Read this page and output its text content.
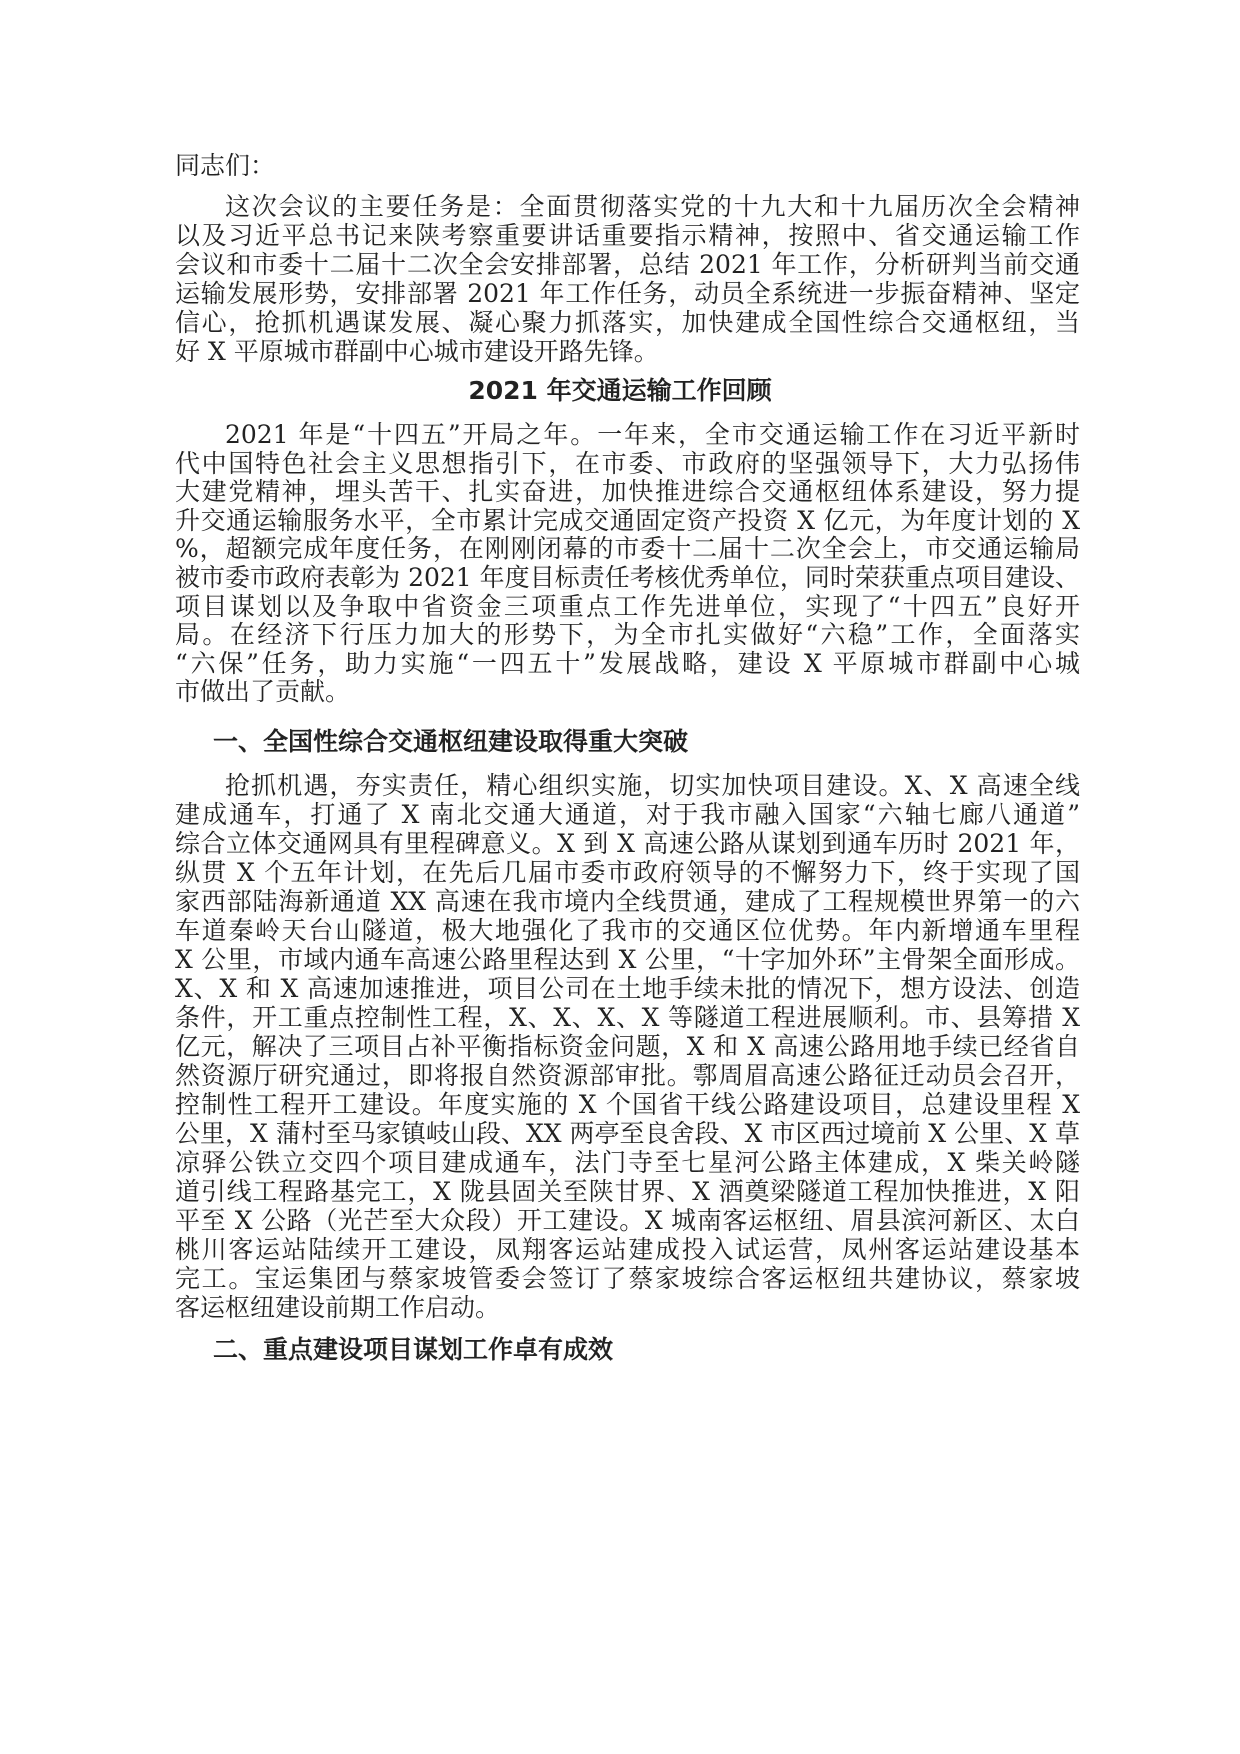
同志们：
这次会议的主要任务是：全面贯彻落实党的十九大和十九届历次全会精神
以及习近平总书记来陕考察重要讲话重要指示精神，按照中、省交通运输工作
会议和市委十二届十二次全会安排部署，总结 2021 年工作，分析研判当前交通
运输发展形势，安排部署 2021 年工作任务，动员全系统进一步振奋精神、坚定
信心，抢抓机遇谋发展、凝心聚力抓落实，加快建成全国性综合交通枢纽，当
好 X 平原城市群副中心城市建设开路先锋。
2021 年交通运输工作回顾
2021 年是“十四五”开局之年。一年来，全市交通运输工作在习近平新时
代中国特色社会主义思想指引下，在市委、市政府的坚强领导下，大力弘扬伟
大建党精神，埋头苦干、扎实奋进，加快推进综合交通枢纽体系建设，努力提
升交通运输服务水平，全市累计完成交通固定资产投资 X 亿元，为年度计划的 X
%，超额完成年度任务，在刚刚闭幕的市委十二届十二次全会上，市交通运输局
被市委市政府表彰为 2021 年度目标责任考核优秀单位，同时荣获重点项目建设、
项目谋划以及争取中省资金三项重点工作先进单位，实现了“十四五”良好开
局。在经济下行压力加大的形势下，为全市扎实做好“六稳”工作，全面落实
“六保”任务，助力实施“一四五十”发展战略，建设 X 平原城市群副中心城
市做出了贡献。
一、全国性综合交通枢纽建设取得重大突破
抢抓机遇，夯实责任，精心组织实施，切实加快项目建设。X、X 高速全线
建成通车，打通了 X 南北交通大通道，对于我市融入国家“六轴七廊八通道”
综合立体交通网具有里程碑意义。X 到 X 高速公路从谋划到通车历时 2021 年，
纵贯 X 个五年计划，在先后几届市委市政府领导的不懈努力下，终于实现了国
家西部陆海新通道 XX 高速在我市境内全线贯通，建成了工程规模世界第一的六
车道秦岭天台山隧道，极大地强化了我市的交通区位优势。年内新增通车里程
X 公里，市域内通车高速公路里程达到 X 公里，“十字加外环”主骨架全面形成。
X、X 和 X 高速加速推进，项目公司在土地手续未批的情况下，想方设法、创造
条件，开工重点控制性工程，X、X、X、X 等隧道工程进展顺利。市、县筹措 X
亿元，解决了三项目占补平衡指标资金问题，X 和 X 高速公路用地手续已经省自
然资源厅研究通过，即将报自然资源部审批。鄠周眉高速公路征迁动员会召开，
控制性工程开工建设。年度实施的 X 个国省干线公路建设项目，总建设里程 X
公里，X 蒲村至马家镇岐山段、XX 两亭至良舍段、X 市区西过境前 X 公里、X 草
凉驿公铁立交四个项目建成通车，法门寺至七星河公路主体建成，X 柴关岭隧
道引线工程路基完工，X 陇县固关至陕甘界、X 酒奠梁隧道工程加快推进，X 阳
平至 X 公路（光芒至大众段）开工建设。X 城南客运枢纽、眉县滨河新区、太白
桃川客运站陆续开工建设，凤翔客运站建成投入试运营，凤州客运站建设基本
完工。宝运集团与蔡家坡管委会签订了蔡家坡综合客运枢纽共建协议，蔡家坡
客运枢纽建设前期工作启动。
二、重点建设项目谋划工作卓有成效
